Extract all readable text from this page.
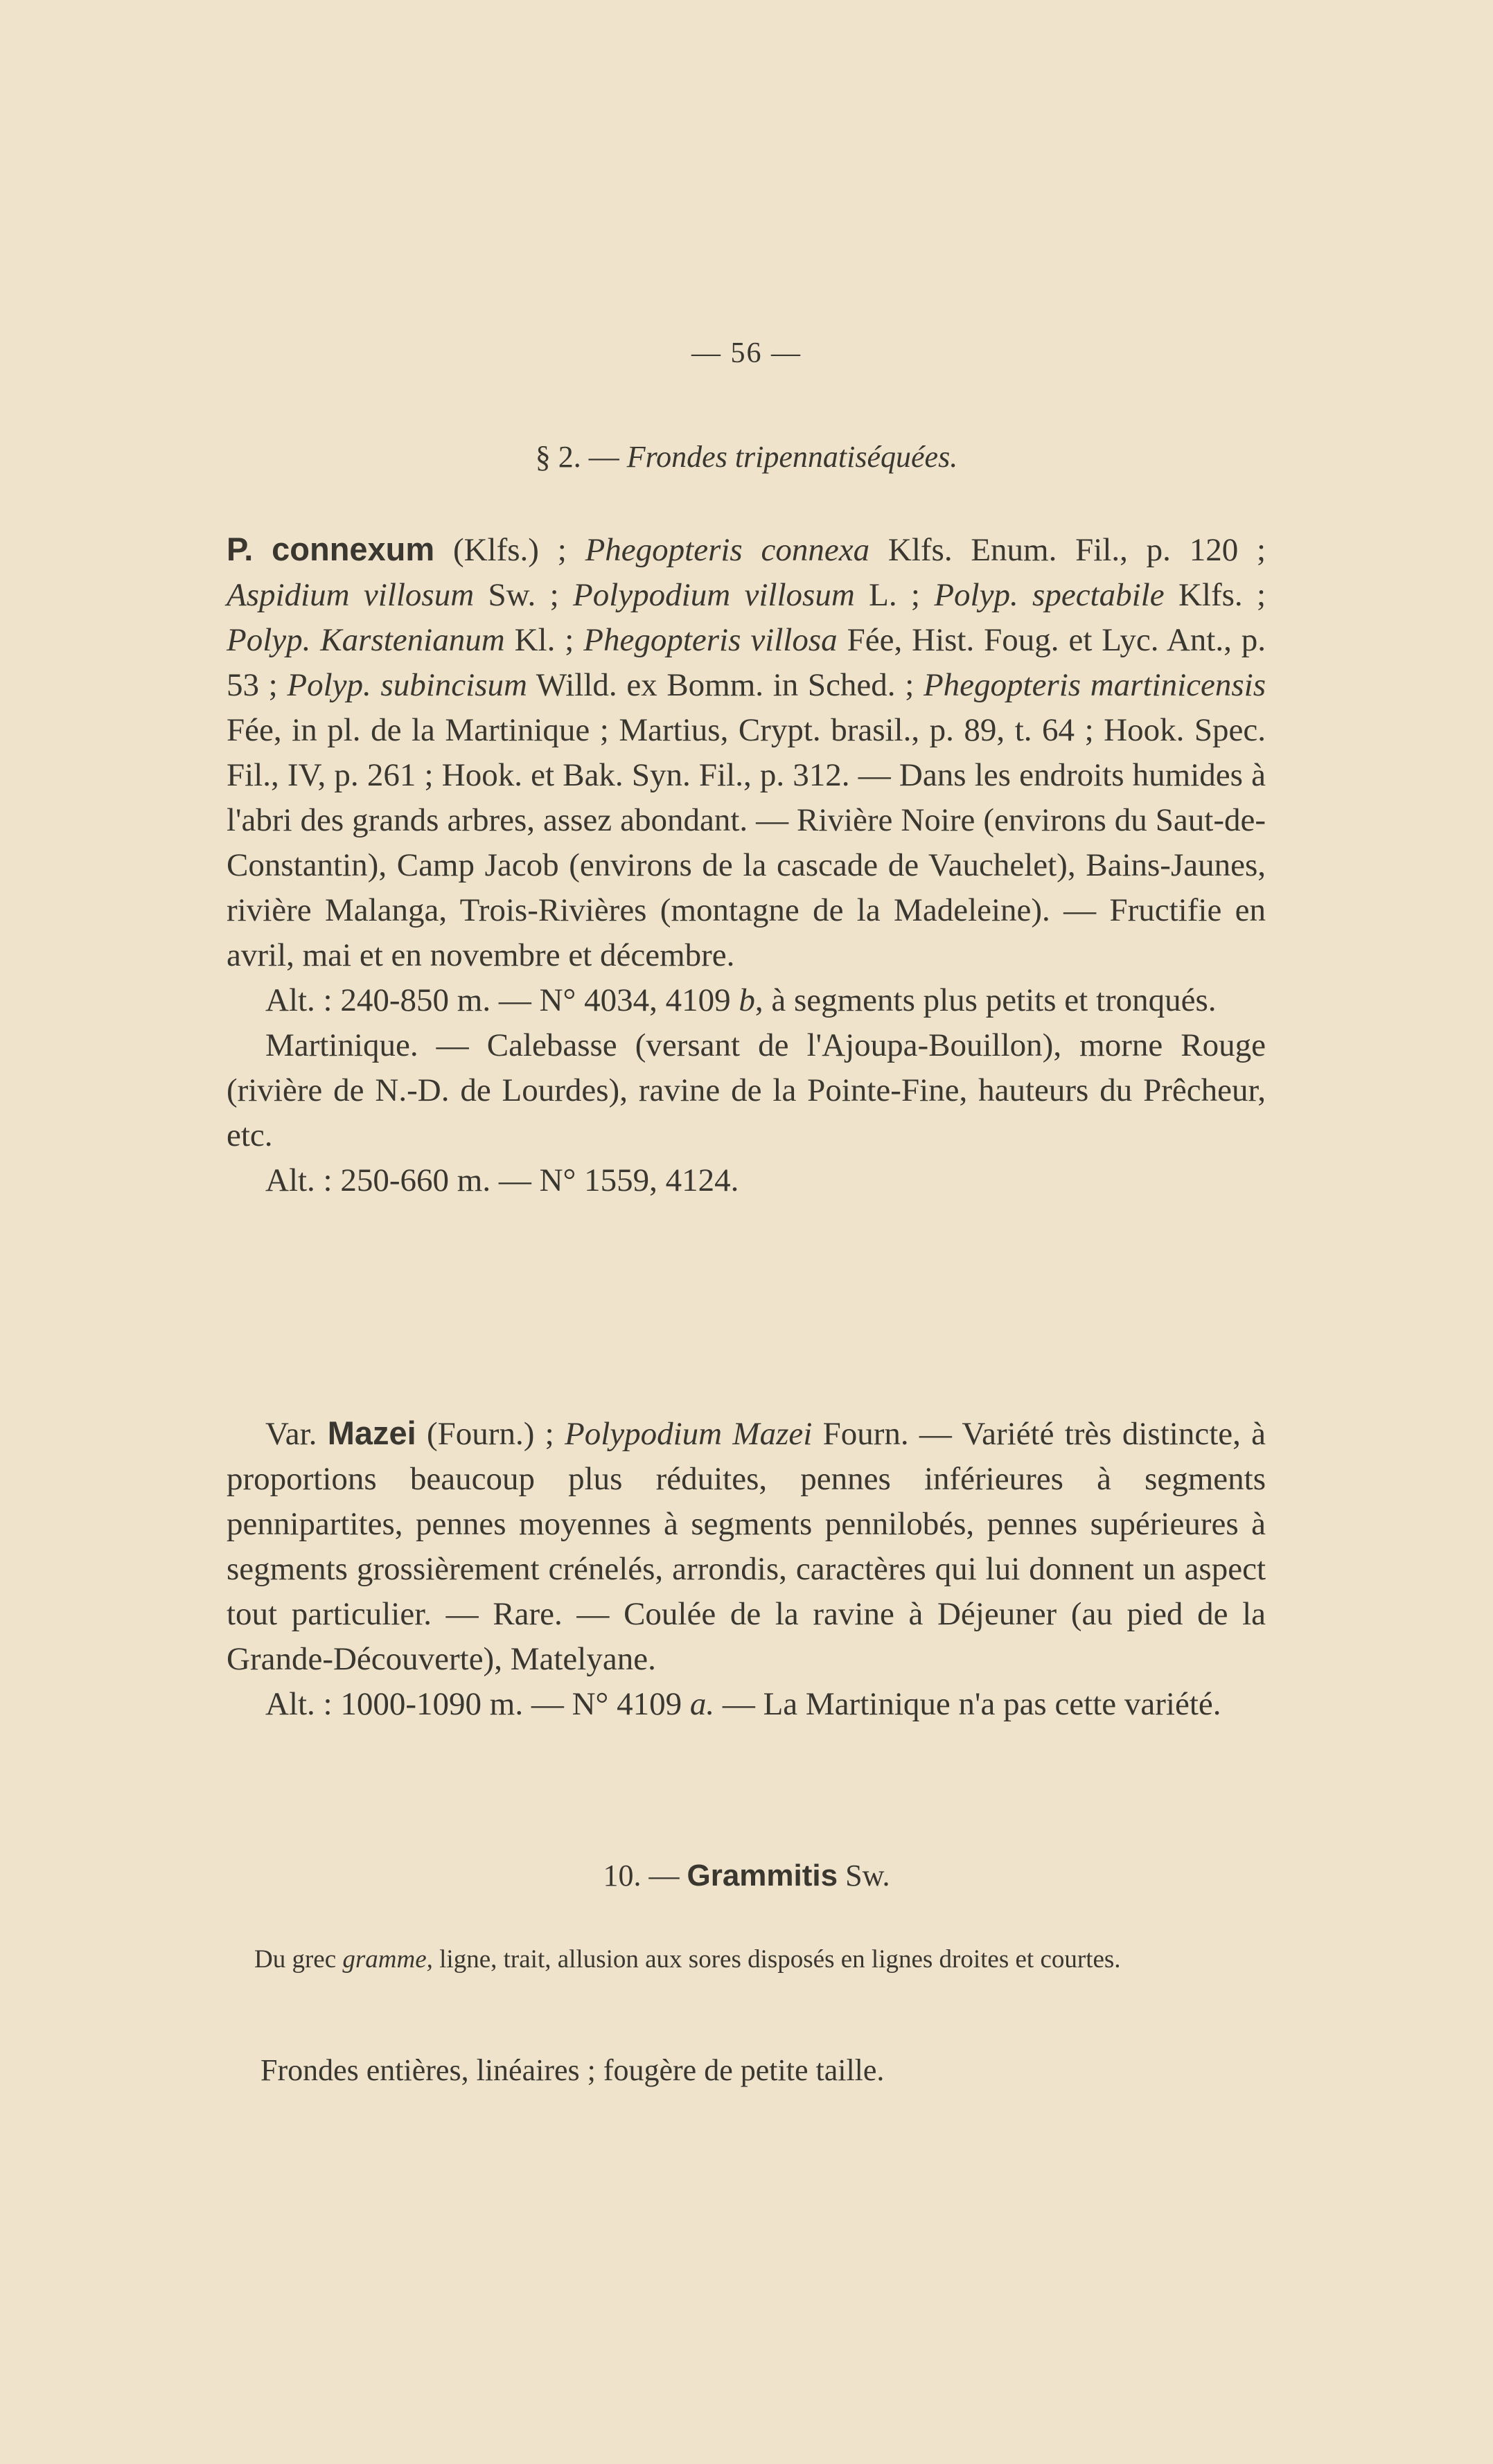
— 56 —
§ 2. — Frondes tripennatiséquées.

P. connexum (Klfs.) ; Phegopteris connexa Klfs. Enum. Fil., p. 120 ; Aspidium villosum Sw. ; Polypodium villosum L. ; Polyp. spectabile Klfs. ; Polyp. Karstenianum Kl. ; Phegopteris villosa Fée, Hist. Foug. et Lyc. Ant., p. 53 ; Polyp. subincisum Willd. ex Bomm. in Sched. ; Phegopteris martinicensis Fée, in pl. de la Martinique ; Martius, Crypt. brasil., p. 89, t. 64 ; Hook. Spec. Fil., IV, p. 261 ; Hook. et Bak. Syn. Fil., p. 312. — Dans les endroits humides à l'abri des grands arbres, assez abondant. — Rivière Noire (environs du Saut-de-Constantin), Camp Jacob (environs de la cascade de Vauchelet), Bains-Jaunes, rivière Malanga, Trois-Rivières (montagne de la Madeleine). — Fructifie en avril, mai et en novembre et décembre.

Alt. : 240-850 m. — N° 4034, 4109 b, à segments plus petits et tronqués.

Martinique. — Calebasse (versant de l'Ajoupa-Bouillon), morne Rouge (rivière de N.-D. de Lourdes), ravine de la Pointe-Fine, hauteurs du Prêcheur, etc.

Alt. : 250-660 m. — N° 1559, 4124.

Var. Mazei (Fourn.) ; Polypodium Mazei Fourn. — Variété très distincte, à proportions beaucoup plus réduites, pennes inférieures à segments pennipartites, pennes moyennes à segments pennilobés, pennes supérieures à segments grossièrement crénelés, arrondis, caractères qui lui donnent un aspect tout particulier. — Rare. — Coulée de la ravine à Déjeuner (au pied de la Grande-Découverte), Matelyane.

Alt. : 1000-1090 m. — N° 4109 a. — La Martinique n'a pas cette variété.

10. — Grammitis Sw.
Du grec gramme, ligne, trait, allusion aux sores disposés en lignes droites et courtes.
Frondes entières, linéaires ; fougère de petite taille.
